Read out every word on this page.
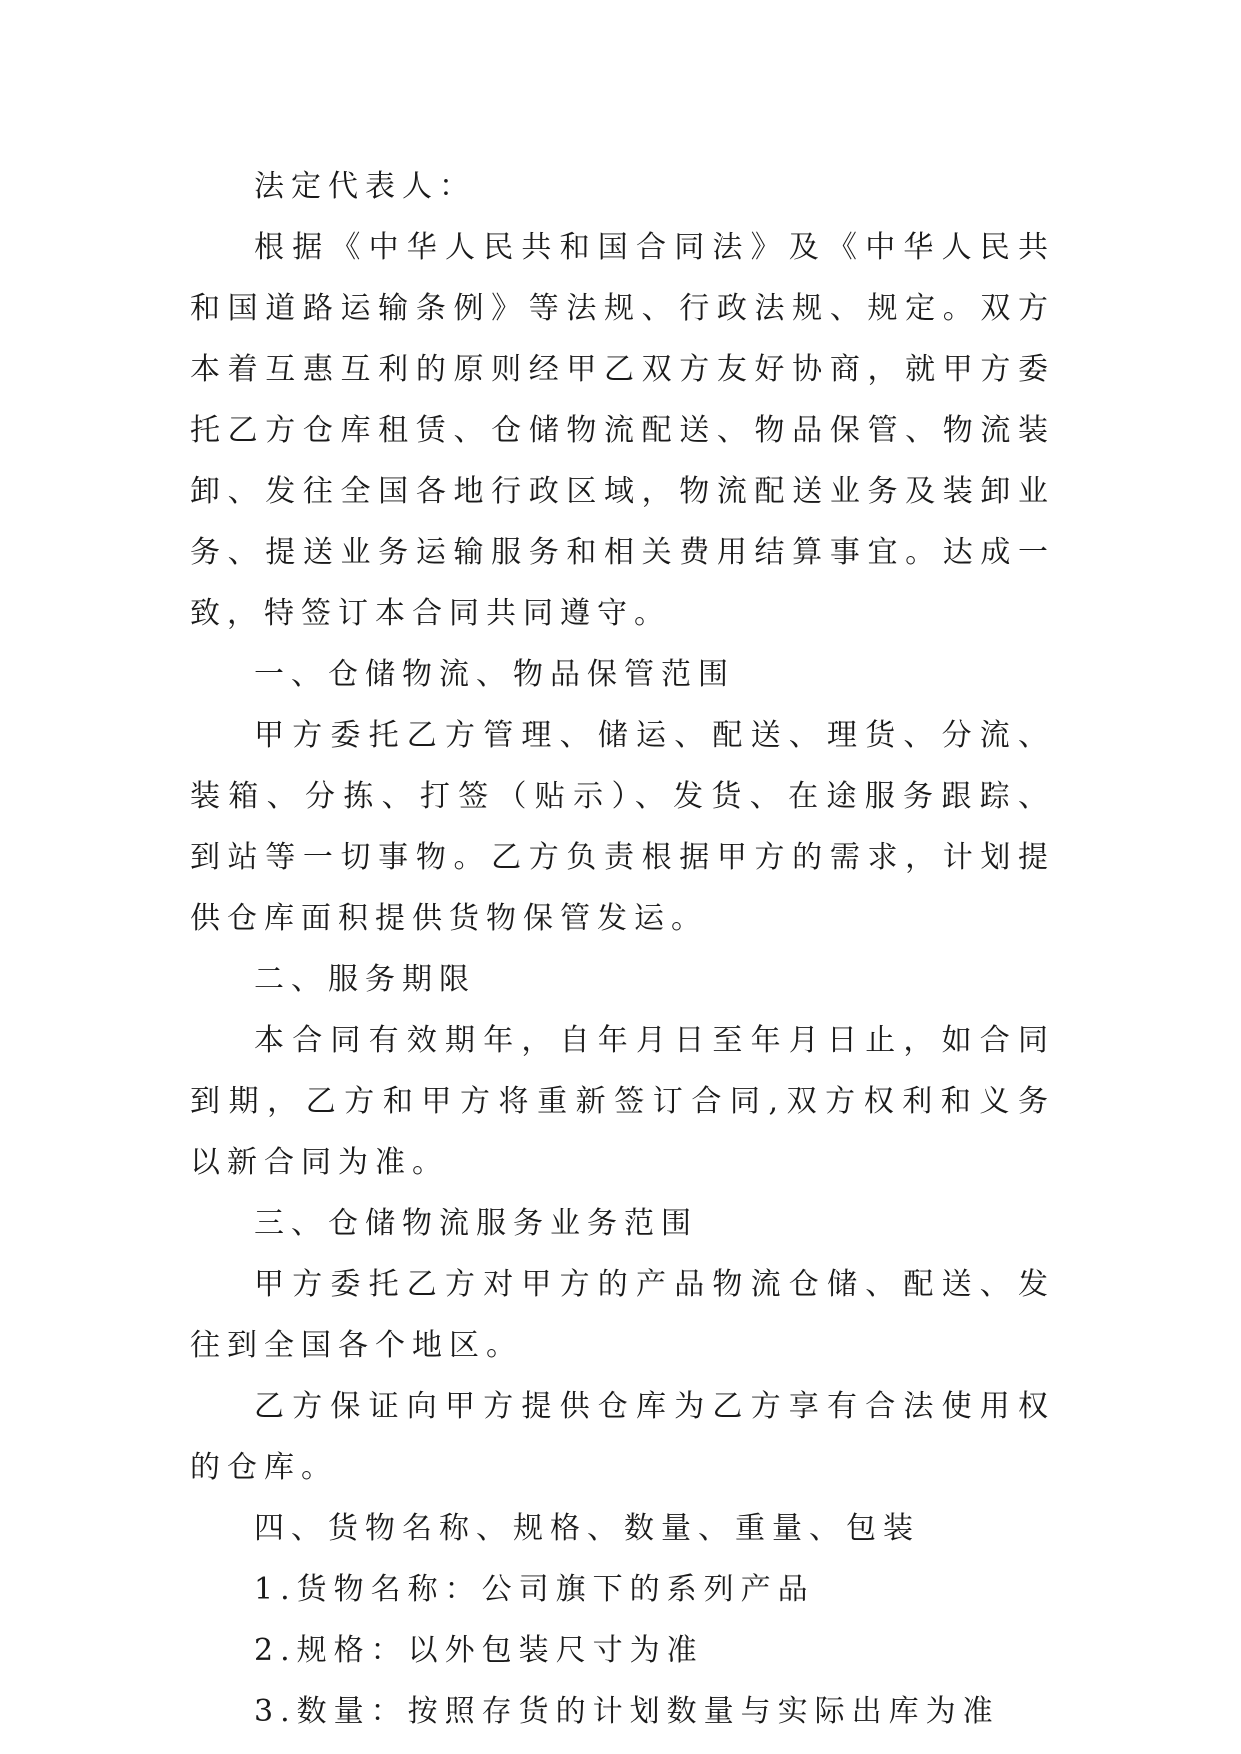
法定代表人：

根据《中华人民共和国合同法》及《中华人民共和国道路运输条例》等法规、行政法规、规定。双方本着互惠互利的原则经甲乙双方友好协商，就甲方委托乙方仓库租赁、仓储物流配送、物品保管、物流装卸、发往全国各地行政区域，物流配送业务及装卸业务、提送业务运输服务和相关费用结算事宜。达成一致，特签订本合同共同遵守。

一、仓储物流、物品保管范围

甲方委托乙方管理、储运、配送、理货、分流、装箱、分拣、打签（贴示）、发货、在途服务跟踪、到站等一切事物。乙方负责根据甲方的需求，计划提供仓库面积提供货物保管发运。

二、服务期限

本合同有效期年，自年月日至年月日止，如合同到期，乙方和甲方将重新签订合同,双方权利和义务以新合同为准。

三、仓储物流服务业务范围

甲方委托乙方对甲方的产品物流仓储、配送、发往到全国各个地区。

乙方保证向甲方提供仓库为乙方享有合法使用权的仓库。

四、货物名称、规格、数量、重量、包装

1.货物名称：公司旗下的系列产品

2.规格：以外包装尺寸为准

3.数量：按照存货的计划数量与实际出库为准
